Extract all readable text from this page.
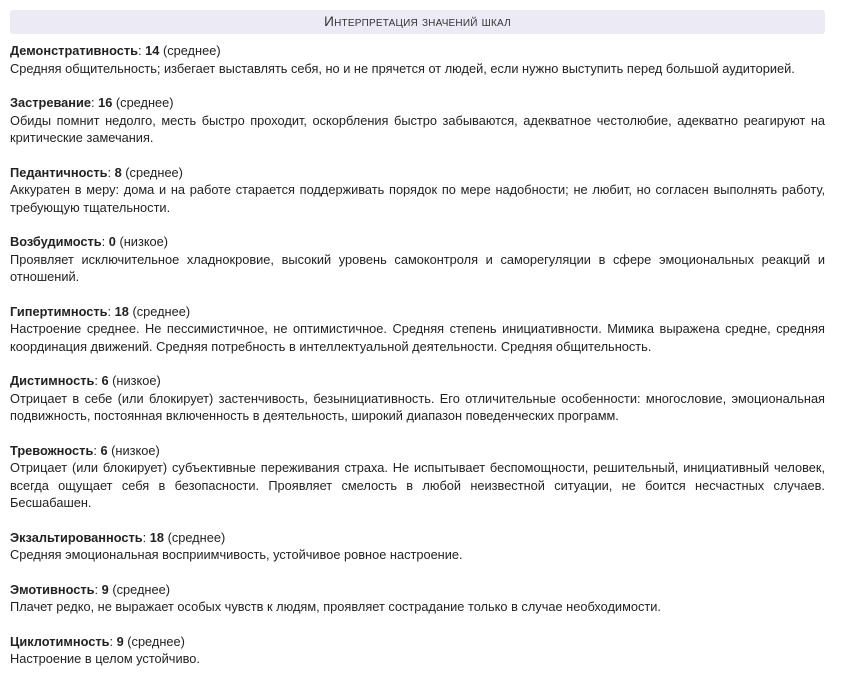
Интерпретация значений шкал
Демонстративность: 14 (среднее)
Средняя общительность; избегает выставлять себя, но и не прячется от людей, если нужно выступить перед большой аудиторией.
Застревание: 16 (среднее)
Обиды помнит недолго, месть быстро проходит, оскорбления быстро забываются, адекватное честолюбие, адекватно реагируют на критические замечания.
Педантичность: 8 (среднее)
Аккуратен в меру: дома и на работе старается поддерживать порядок по мере надобности; не любит, но согласен выполнять работу, требующую тщательности.
Возбудимость: 0 (низкое)
Проявляет исключительное хладнокровие, высокий уровень самоконтроля и саморегуляции в сфере эмоциональных реакций и отношений.
Гипертимность: 18 (среднее)
Настроение среднее. Не пессимистичное, не оптимистичное. Средняя степень инициативности. Мимика выражена средне, средняя координация движений. Средняя потребность в интеллектуальной деятельности. Средняя общительность.
Дистимность: 6 (низкое)
Отрицает в себе (или блокирует) застенчивость, безынициативность. Его отличительные особенности: многословие, эмоциональная подвижность, постоянная включенность в деятельность, широкий диапазон поведенческих программ.
Тревожность: 6 (низкое)
Отрицает (или блокирует) субъективные переживания страха. Не испытывает беспомощности, решительный, инициативный человек, всегда ощущает себя в безопасности. Проявляет смелость в любой неизвестной ситуации, не боится несчастных случаев. Бесшабашен.
Экзальтированность: 18 (среднее)
Средняя эмоциональная восприимчивость, устойчивое ровное настроение.
Эмотивность: 9 (среднее)
Плачет редко, не выражает особых чувств к людям, проявляет сострадание только в случае необходимости.
Циклотимность: 9 (среднее)
Настроение в целом устойчиво.
